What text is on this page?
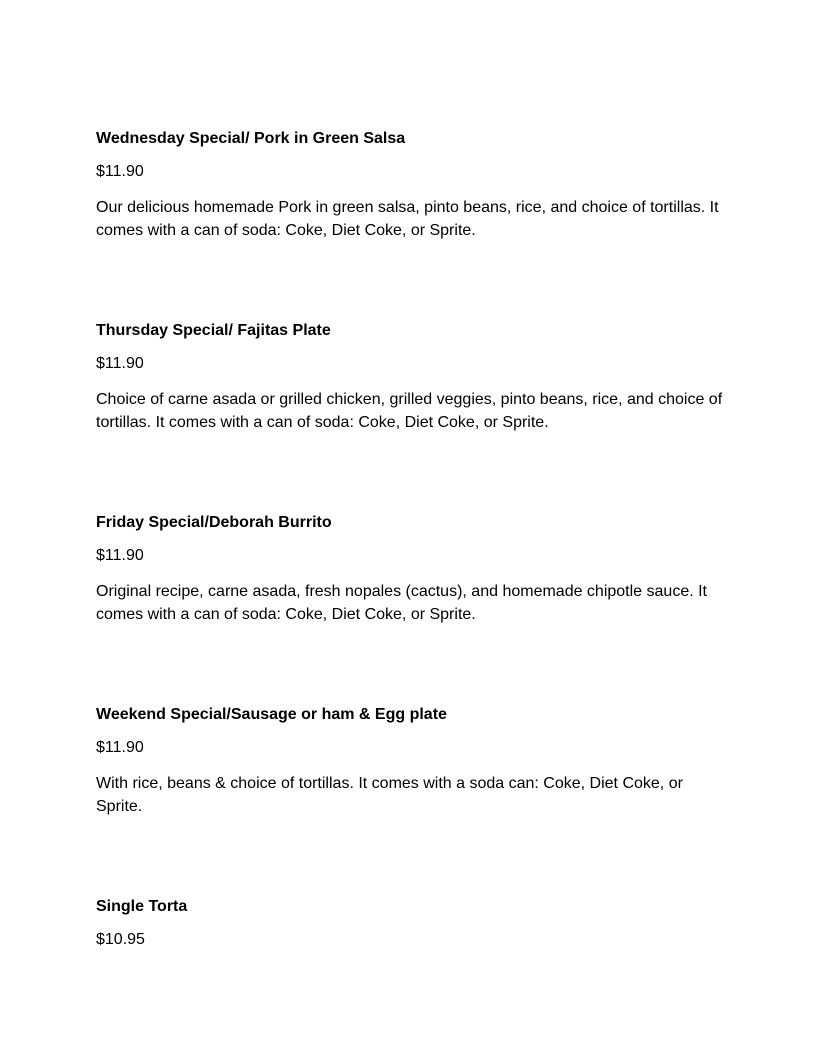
Wednesday Special/ Pork in Green Salsa

$11.90

Our delicious homemade Pork in green salsa, pinto beans, rice, and choice of tortillas. It comes with a can of soda: Coke, Diet Coke, or Sprite.

Thursday Special/ Fajitas Plate

$11.90

Choice of carne asada or grilled chicken, grilled veggies, pinto beans, rice, and choice of tortillas. It comes with a can of soda: Coke, Diet Coke, or Sprite.

Friday Special/Deborah Burrito

$11.90

Original recipe, carne asada, fresh nopales (cactus), and homemade chipotle sauce. It comes with a can of soda: Coke, Diet Coke, or Sprite.

Weekend Special/Sausage or ham & Egg plate

$11.90

With rice, beans & choice of tortillas. It comes with a soda can: Coke, Diet Coke, or Sprite.

Single Torta

$10.95
